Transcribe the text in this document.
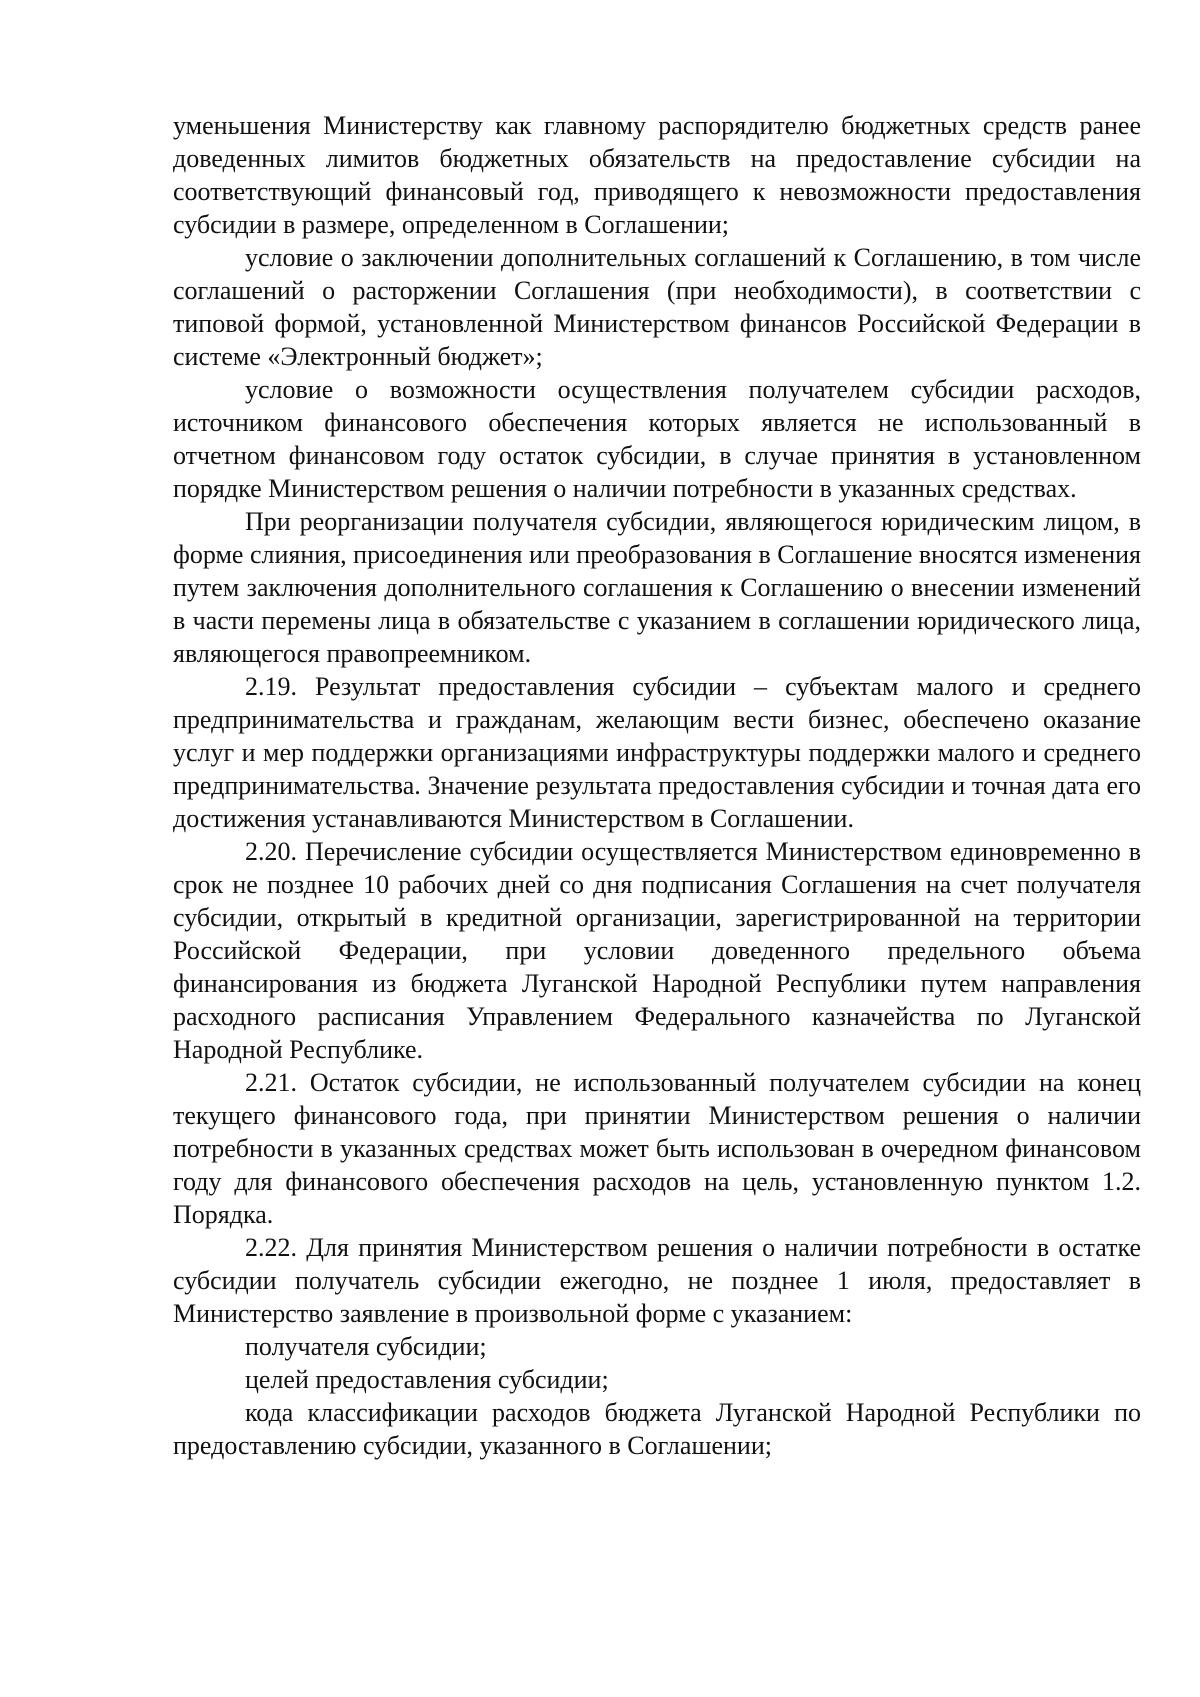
уменьшения Министерству как главному распорядителю бюджетных средств ранее доведенных лимитов бюджетных обязательств на предоставление субсидии на соответствующий финансовый год, приводящего к невозможности предоставления субсидии в размере, определенном в Соглашении;

условие о заключении дополнительных соглашений к Соглашению, в том числе соглашений о расторжении Соглашения (при необходимости), в соответствии с типовой формой, установленной Министерством финансов Российской Федерации в системе «Электронный бюджет»;

условие о возможности осуществления получателем субсидии расходов, источником финансового обеспечения которых является не использованный в отчетном финансовом году остаток субсидии, в случае принятия в установленном порядке Министерством решения о наличии потребности в указанных средствах.

При реорганизации получателя субсидии, являющегося юридическим лицом, в форме слияния, присоединения или преобразования в Соглашение вносятся изменения путем заключения дополнительного соглашения к Соглашению о внесении изменений в части перемены лица в обязательстве с указанием в соглашении юридического лица, являющегося правопреемником.

2.19. Результат предоставления субсидии – субъектам малого и среднего предпринимательства и гражданам, желающим вести бизнес, обеспечено оказание услуг и мер поддержки организациями инфраструктуры поддержки малого и среднего предпринимательства. Значение результата предоставления субсидии и точная дата его достижения устанавливаются Министерством в Соглашении.

2.20. Перечисление субсидии осуществляется Министерством единовременно в срок не позднее 10 рабочих дней со дня подписания Соглашения на счет получателя субсидии, открытый в кредитной организации, зарегистрированной на территории Российской Федерации, при условии доведенного предельного объема финансирования из бюджета Луганской Народной Республики путем направления расходного расписания Управлением Федерального казначейства по Луганской Народной Республике.

2.21. Остаток субсидии, не использованный получателем субсидии на конец текущего финансового года, при принятии Министерством решения о наличии потребности в указанных средствах может быть использован в очередном финансовом году для финансового обеспечения расходов на цель, установленную пунктом 1.2. Порядка.

2.22. Для принятия Министерством решения о наличии потребности в остатке субсидии получатель субсидии ежегодно, не позднее 1 июля, предоставляет в Министерство заявление в произвольной форме с указанием:

получателя субсидии;

целей предоставления субсидии;

кода классификации расходов бюджета Луганской Народной Республики по предоставлению субсидии, указанного в Соглашении;
